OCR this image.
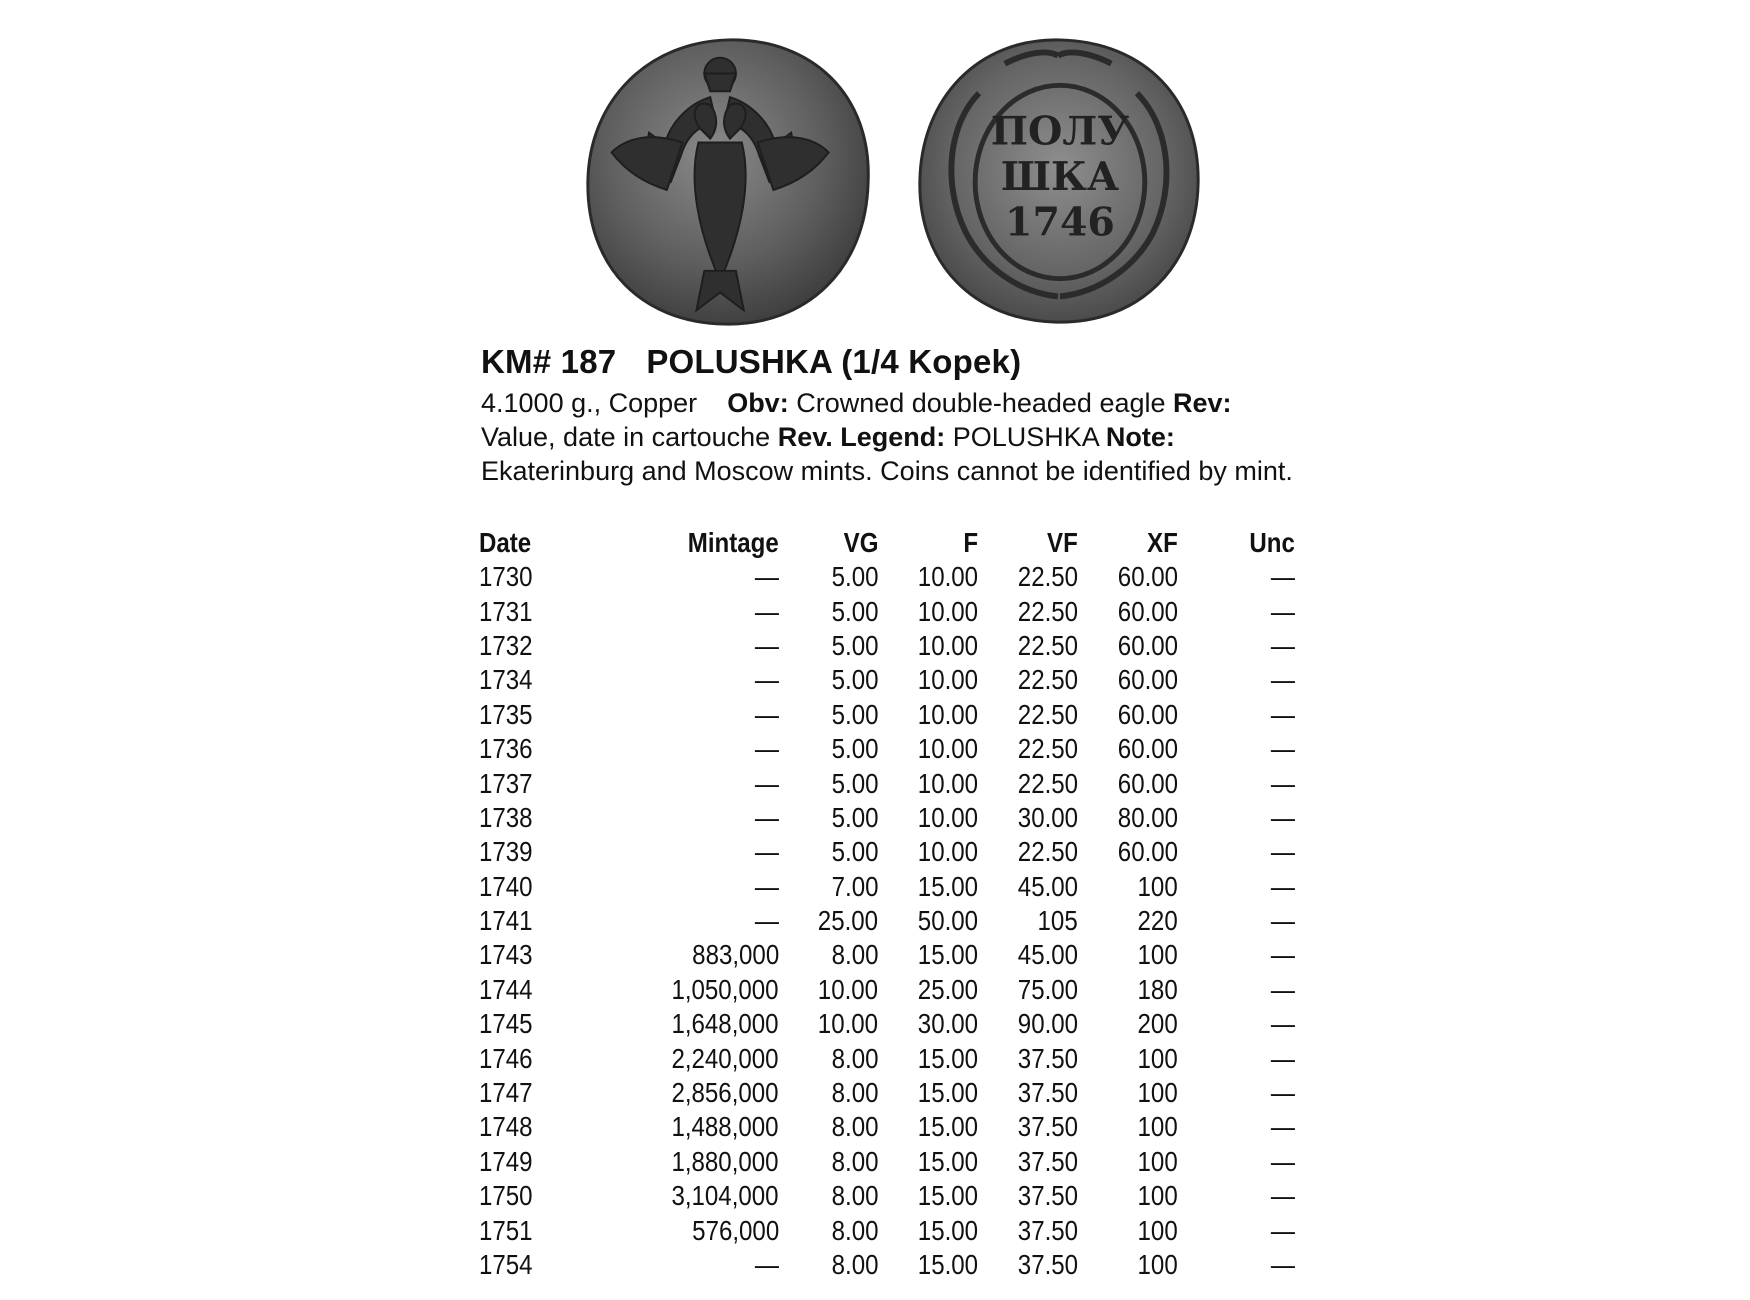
ПОЛУ
ШКА
1746
KM# 187 POLUSHKA (1/4 Kopek)
4.1000 g., Copper Obv: Crowned double-headed eagle Rev: Value, date in cartouche Rev. Legend: POLUSHKA Note: Ekaterinburg and Moscow mints. Coins cannot be identified by mint.
Date	Mintage	VG	F	VF	XF	Unc
1730	—	5.00	10.00	22.50	60.00	—
1731	—	5.00	10.00	22.50	60.00	—
1732	—	5.00	10.00	22.50	60.00	—
1734	—	5.00	10.00	22.50	60.00	—
1735	—	5.00	10.00	22.50	60.00	—
1736	—	5.00	10.00	22.50	60.00	—
1737	—	5.00	10.00	22.50	60.00	—
1738	—	5.00	10.00	30.00	80.00	—
1739	—	5.00	10.00	22.50	60.00	—
1740	—	7.00	15.00	45.00	100	—
1741	—	25.00	50.00	105	220	—
1743	883,000	8.00	15.00	45.00	100	—
1744	1,050,000	10.00	25.00	75.00	180	—
1745	1,648,000	10.00	30.00	90.00	200	—
1746	2,240,000	8.00	15.00	37.50	100	—
1747	2,856,000	8.00	15.00	37.50	100	—
1748	1,488,000	8.00	15.00	37.50	100	—
1749	1,880,000	8.00	15.00	37.50	100	—
1750	3,104,000	8.00	15.00	37.50	100	—
1751	576,000	8.00	15.00	37.50	100	—
1754	—	8.00	15.00	37.50	100	—
